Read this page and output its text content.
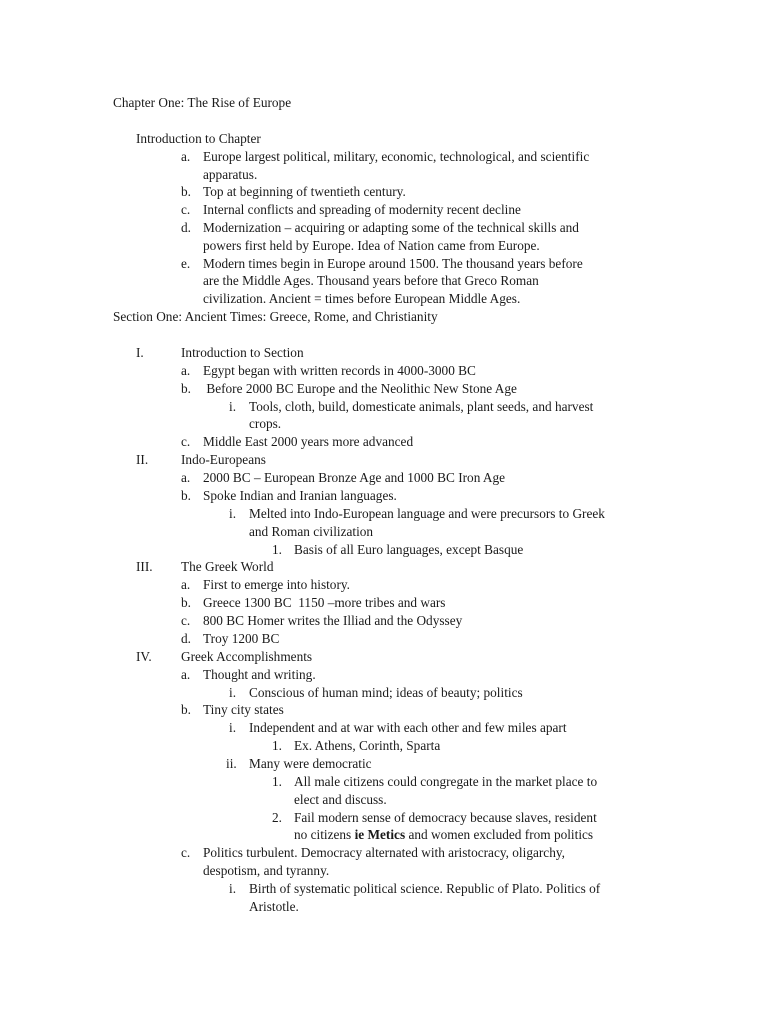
Chapter One: The Rise of Europe
Introduction to Chapter
a. Europe largest political, military, economic, technological, and scientific
apparatus.
b. Top at beginning of twentieth century.
c. Internal conflicts and spreading of modernity recent decline
d. Modernization – acquiring or adapting some of the technical skills and
powers first held by Europe. Idea of Nation came from Europe.
e. Modern times begin in Europe around 1500. The thousand years before
are the Middle Ages. Thousand years before that Greco Roman
civilization. Ancient = times before European Middle Ages.
Section One: Ancient Times: Greece, Rome, and Christianity
I.	Introduction to Section
a. Egypt began with written records in 4000-3000 BC
b. Before 2000 BC Europe and the Neolithic New Stone Age
i. Tools, cloth, build, domesticate animals, plant seeds, and harvest
crops.
c. Middle East 2000 years more advanced
II. Indo-Europeans
a. 2000 BC – European Bronze Age and 1000 BC Iron Age
b. Spoke Indian and Iranian languages.
i. Melted into Indo-European language and were precursors to Greek
and Roman civilization
1. Basis of all Euro languages, except Basque
III. The Greek World
a. First to emerge into history.
b. Greece 1300 BC  1150 –more tribes and wars
c. 800 BC Homer writes the Illiad and the Odyssey
d. Troy 1200 BC
IV. Greek Accomplishments
a. Thought and writing.
i. Conscious of human mind; ideas of beauty; politics
b. Tiny city states
i. Independent and at war with each other and few miles apart
1. Ex. Athens, Corinth, Sparta
ii. Many were democratic
1. All male citizens could congregate in the market place to
elect and discuss.
2. Fail modern sense of democracy because slaves, resident
no citizens ie Metics and women excluded from politics
c. Politics turbulent. Democracy alternated with aristocracy, oligarchy,
despotism, and tyranny.
i. Birth of systematic political science. Republic of Plato. Politics of
Aristotle.
